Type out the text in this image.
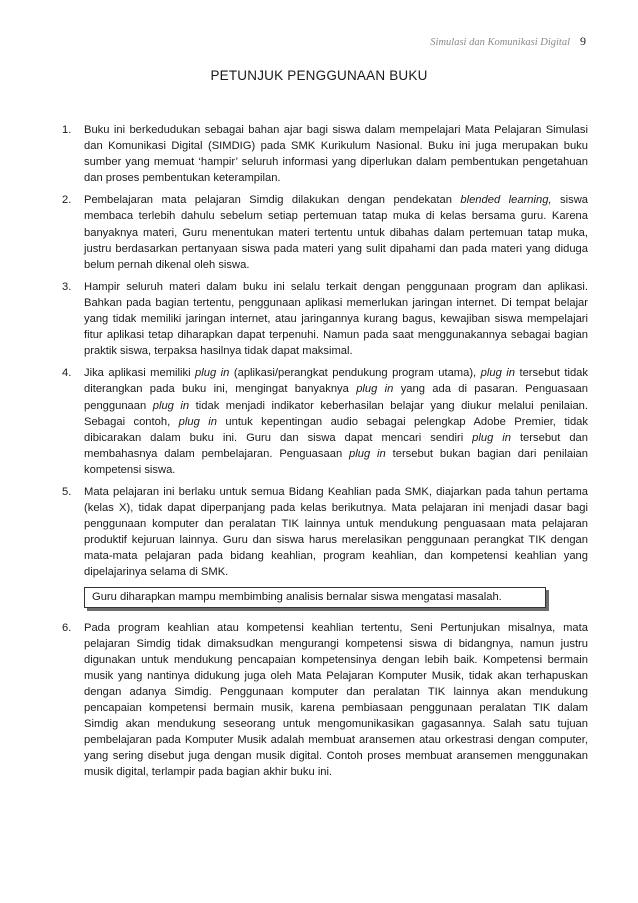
Simulasi dan Komunikasi Digital 9
PETUNJUK PENGGUNAAN BUKU
1. Buku ini berkedudukan sebagai bahan ajar bagi siswa dalam mempelajari Mata Pelajaran Simulasi dan Komunikasi Digital (SIMDIG) pada SMK Kurikulum Nasional. Buku ini juga merupakan buku sumber yang memuat ‘hampir’ seluruh informasi yang diperlukan dalam pembentukan pengetahuan dan proses pembentukan keterampilan.
2. Pembelajaran mata pelajaran Simdig dilakukan dengan pendekatan blended learning, siswa membaca terlebih dahulu sebelum setiap pertemuan tatap muka di kelas bersama guru. Karena banyaknya materi, Guru menentukan materi tertentu untuk dibahas dalam pertemuan tatap muka, justru berdasarkan pertanyaan siswa pada materi yang sulit dipahami dan pada materi yang diduga belum pernah dikenal oleh siswa.
3. Hampir seluruh materi dalam buku ini selalu terkait dengan penggunaan program dan aplikasi. Bahkan pada bagian tertentu, penggunaan aplikasi memerlukan jaringan internet. Di tempat belajar yang tidak memiliki jaringan internet, atau jaringannya kurang bagus, kewajiban siswa mempelajari fitur aplikasi tetap diharapkan dapat terpenuhi. Namun pada saat menggunakannya sebagai bagian praktik siswa, terpaksa hasilnya tidak dapat maksimal.
4. Jika aplikasi memiliki plug in (aplikasi/perangkat pendukung program utama), plug in tersebut tidak diterangkan pada buku ini, mengingat banyaknya plug in yang ada di pasaran. Penguasaan penggunaan plug in tidak menjadi indikator keberhasilan belajar yang diukur melalui penilaian. Sebagai contoh, plug in untuk kepentingan audio sebagai pelengkap Adobe Premier, tidak dibicarakan dalam buku ini. Guru dan siswa dapat mencari sendiri plug in tersebut dan membahasnya dalam pembelajaran. Penguasaan plug in tersebut bukan bagian dari penilaian kompetensi siswa.
5. Mata pelajaran ini berlaku untuk semua Bidang Keahlian pada SMK, diajarkan pada tahun pertama (kelas X), tidak dapat diperpanjang pada kelas berikutnya. Mata pelajaran ini menjadi dasar bagi penggunaan komputer dan peralatan TIK lainnya untuk mendukung penguasaan mata pelajaran produktif kejuruan lainnya. Guru dan siswa harus merelasikan penggunaan perangkat TIK dengan mata-mata pelajaran pada bidang keahlian, program keahlian, dan kompetensi keahlian yang dipelajarinya selama di SMK.
Guru diharapkan mampu membimbing analisis bernalar siswa mengatasi masalah.
6. Pada program keahlian atau kompetensi keahlian tertentu, Seni Pertunjukan misalnya, mata pelajaran Simdig tidak dimaksudkan mengurangi kompetensi siswa di bidangnya, namun justru digunakan untuk mendukung pencapaian kompetensinya dengan lebih baik. Kompetensi bermain musik yang nantinya didukung juga oleh Mata Pelajaran Komputer Musik, tidak akan terhapuskan dengan adanya Simdig. Penggunaan komputer dan peralatan TIK lainnya akan mendukung pencapaian kompetensi bermain musik, karena pembiasaan penggunaan peralatan TIK dalam Simdig akan mendukung seseorang untuk mengomunikasikan gagasannya. Salah satu tujuan pembelajaran pada Komputer Musik adalah membuat aransemen atau orkestrasi dengan computer, yang sering disebut juga dengan musik digital. Contoh proses membuat aransemen menggunakan musik digital, terlampir pada bagian akhir buku ini.
